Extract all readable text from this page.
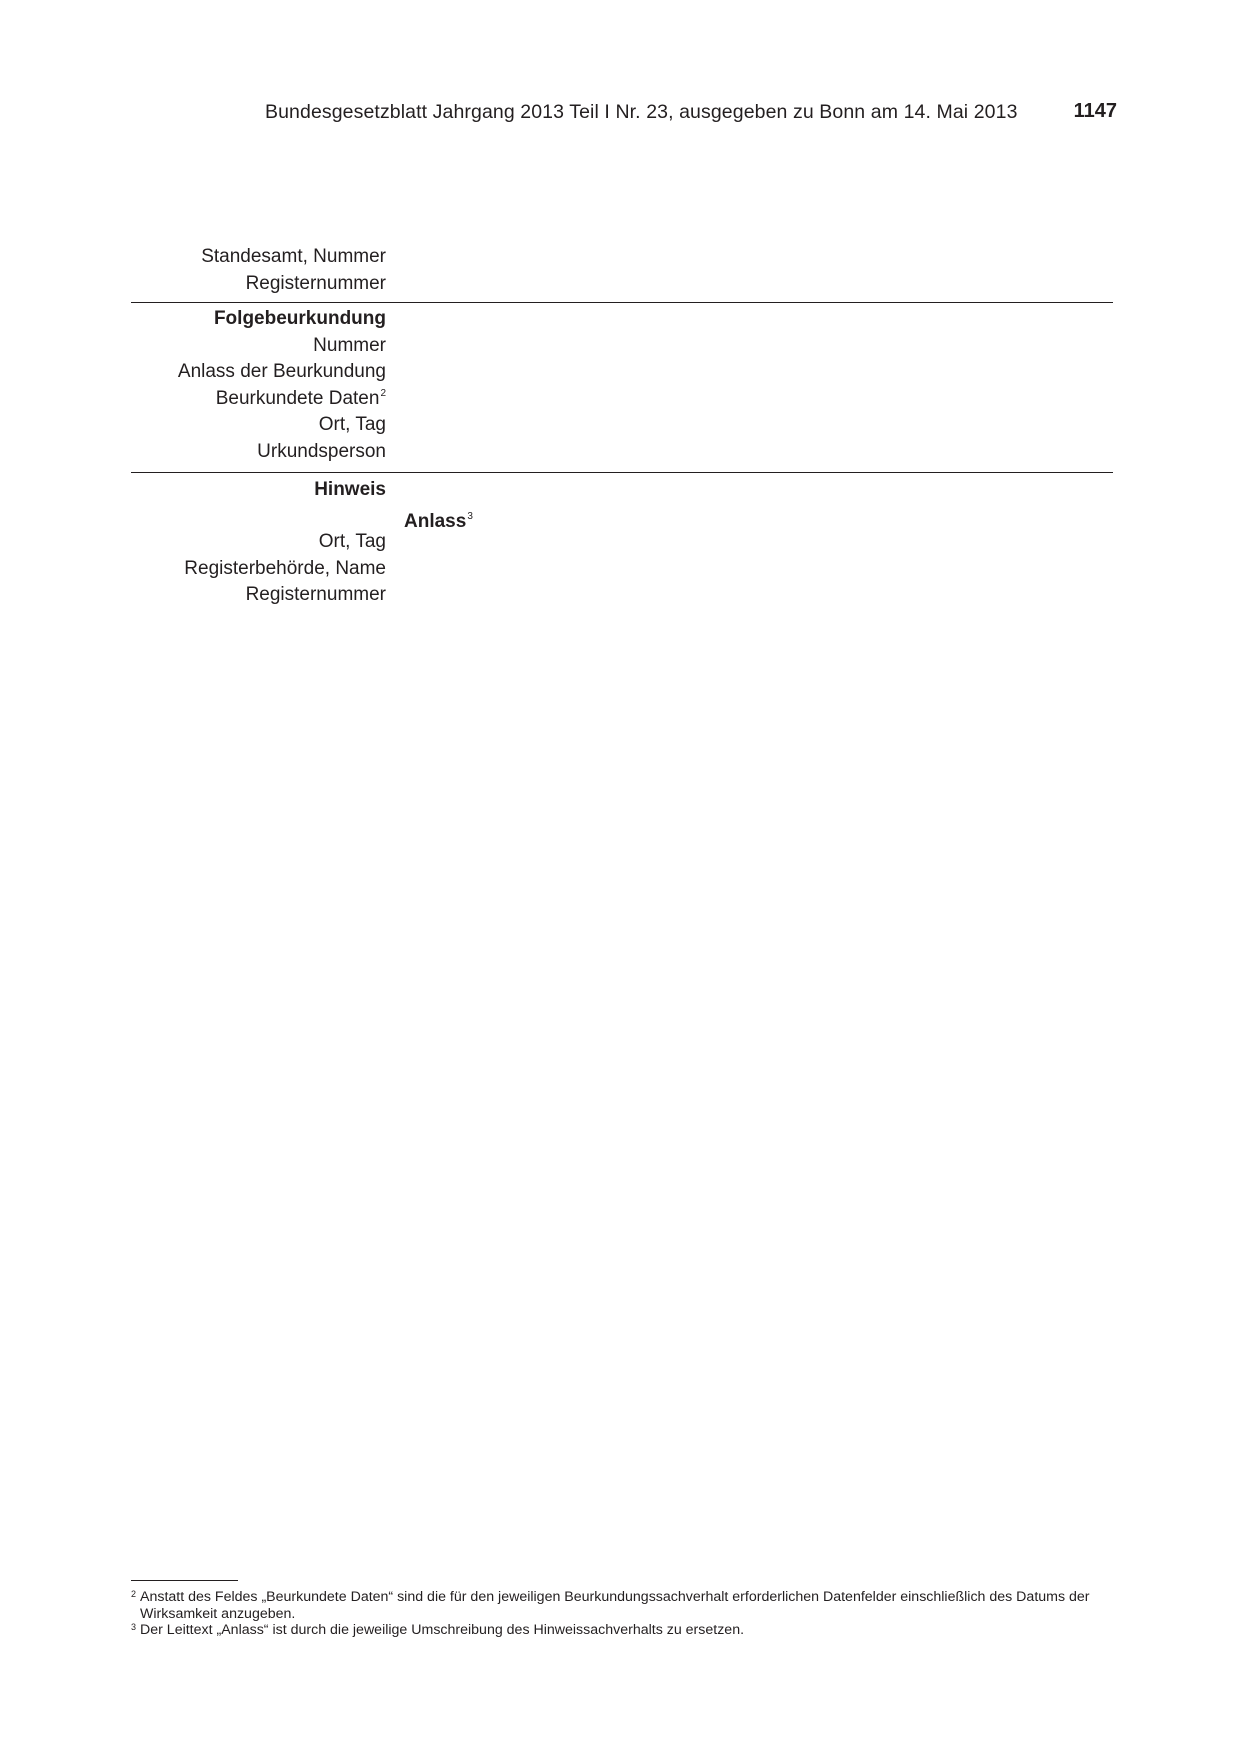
Bundesgesetzblatt Jahrgang 2013 Teil I Nr. 23, ausgegeben zu Bonn am 14. Mai 2013	1147
Standesamt, Nummer
Registernummer
Folgebeurkundung
Nummer
Anlass der Beurkundung
Beurkundete Daten$^2$
Ort, Tag
Urkundsperson
Hinweis
Anlass$^3$
Ort, Tag
Registerbehörde, Name
Registernummer
2 Anstatt des Feldes „Beurkundete Daten“ sind die für den jeweiligen Beurkundungssachverhalt erforderlichen Datenfelder einschließlich des Datums der Wirksamkeit anzugeben.
3 Der Leittext „Anlass“ ist durch die jeweilige Umschreibung des Hinweissachverhalts zu ersetzen.
